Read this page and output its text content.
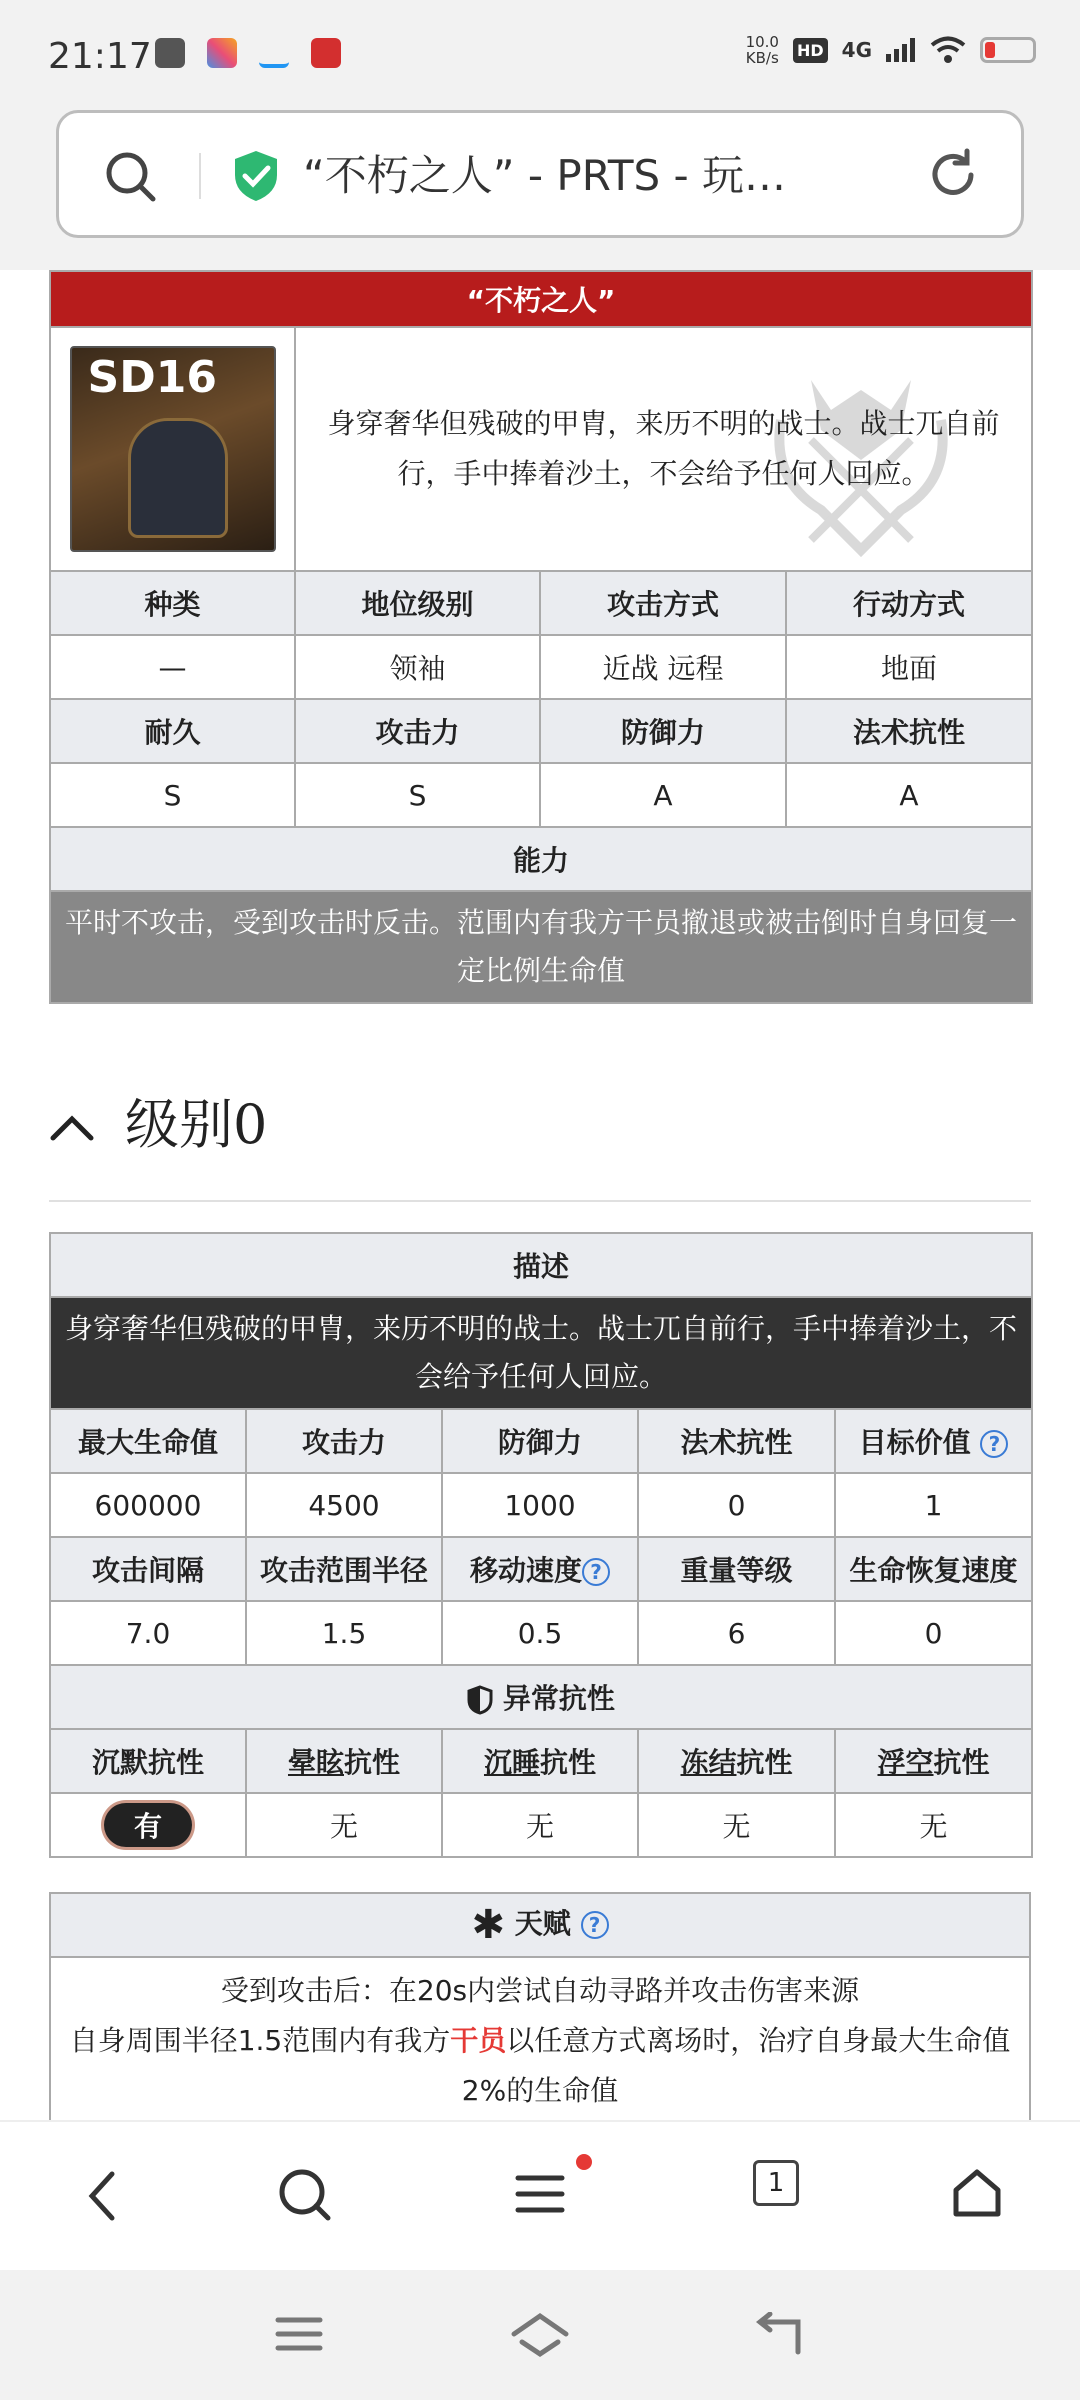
21:17	10.0
KB/s HD 4G
“不朽之人” - PRTS - 玩…
“不朽之人”			

SD16	身穿奢华但残破的甲胄，来历不明的战士。战士兀自前行，手中捧着沙土，不会给予任何人回应。		

种类	地位级别	攻击方式	行动方式
—	领袖	近战 远程	地面
耐久	攻击力	防御力	法术抗性
S	S	A	A
能力			
平时不攻击，受到攻击时反击。范围内有我方干员撤退或被击倒时自身回复一定比例生命值			
级别0
描述				
身穿奢华但残破的甲胄，来历不明的战士。战士兀自前行，手中捧着沙土，不会给予任何人回应。				
最大生命值	攻击力	防御力	法术抗性	目标价值 ?
600000	4500	1000	0	1
攻击间隔	攻击范围半径	移动速度 ?	重量等级	生命恢复速度
7.0	1.5	0.5	6	0
异常抗性				
沉默抗性	晕眩抗性	沉睡抗性	冻结抗性	浮空抗性
有	无	无	无	无
✱ 天赋 ?

受到攻击后：在20s内尝试自动寻路并攻击伤害来源
自身周围半径1.5范围内有我方干员以任意方式离场时，治疗自身最大生命值2%的生命值
1
